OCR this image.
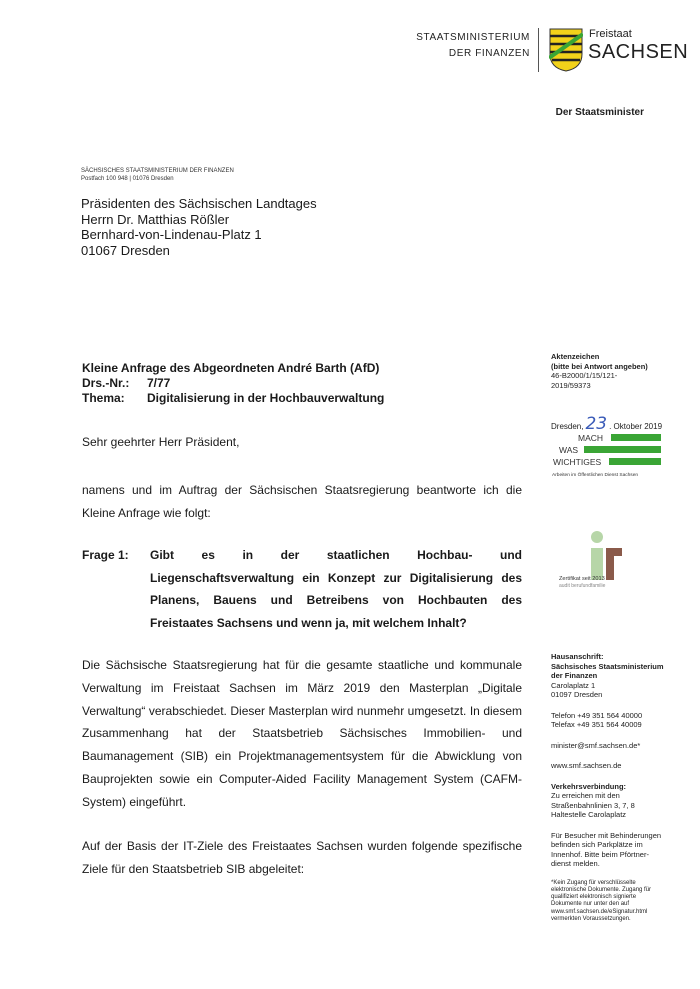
STAATSMINISTERIUM
DER FINANZEN
Freistaat
SACHSEN
Der Staatsminister
SÄCHSISCHES STAATSMINISTERIUM DER FINANZEN
Postfach 100 948 | 01076 Dresden
Präsidenten des Sächsischen Landtages
Herrn Dr. Matthias Rößler
Bernhard-von-Lindenau-Platz 1
01067 Dresden
Kleine Anfrage des Abgeordneten André Barth (AfD)
Drs.-Nr.: 7/77
Thema: Digitalisierung in der Hochbauverwaltung
Aktenzeichen
(bitte bei Antwort angeben)
46-B2000/1/15/121-
2019/59373
Dresden, 23 . Oktober 2019
MACH
WAS
WICHTIGES
Arbeiten im Öffentlichen Dienst Sachsen
Zertifikat seit 2013
audit berufundfamilie
Sehr geehrter Herr Präsident,
namens und im Auftrag der Sächsischen Staatsregierung beantworte ich die Kleine Anfrage wie folgt:
Frage 1: Gibt es in der staatlichen Hochbau- und Liegenschaftsverwaltung ein Konzept zur Digitalisierung des Planens, Bauens und Betreibens von Hochbauten des Freistaates Sachsens und wenn ja, mit welchem Inhalt?
Die Sächsische Staatsregierung hat für die gesamte staatliche und kommunale Verwaltung im Freistaat Sachsen im März 2019 den Masterplan „Digitale Verwaltung“ verabschiedet. Dieser Masterplan wird nunmehr umgesetzt. In diesem Zusammenhang hat der Staatsbetrieb Sächsisches Immobilien- und Baumanagement (SIB) ein Projektmanagementsystem für die Abwicklung von Bauprojekten sowie ein Computer-Aided Facility Management System (CAFM-System) eingeführt.
Auf der Basis der IT-Ziele des Freistaates Sachsen wurden folgende spezifische Ziele für den Staatsbetrieb SIB abgeleitet:
Hausanschrift:
Sächsisches Staatsministerium
der Finanzen
Carolaplatz 1
01097 Dresden
Telefon +49 351 564 40000
Telefax +49 351 564 40009
minister@smf.sachsen.de*
www.smf.sachsen.de
Verkehrsverbindung:
Zu erreichen mit den
Straßenbahnlinien 3, 7, 8
Haltestelle Carolaplatz
Für Besucher mit Behinderungen
befinden sich Parkplätze im
Innenhof. Bitte beim Pförtner-
dienst melden.
*Kein Zugang für verschlüsselte
elektronische Dokumente. Zugang für
qualifiziert elektronisch signierte
Dokumente nur unter den auf
www.smf.sachsen.de/eSignatur.html
vermerkten Voraussetzungen.
